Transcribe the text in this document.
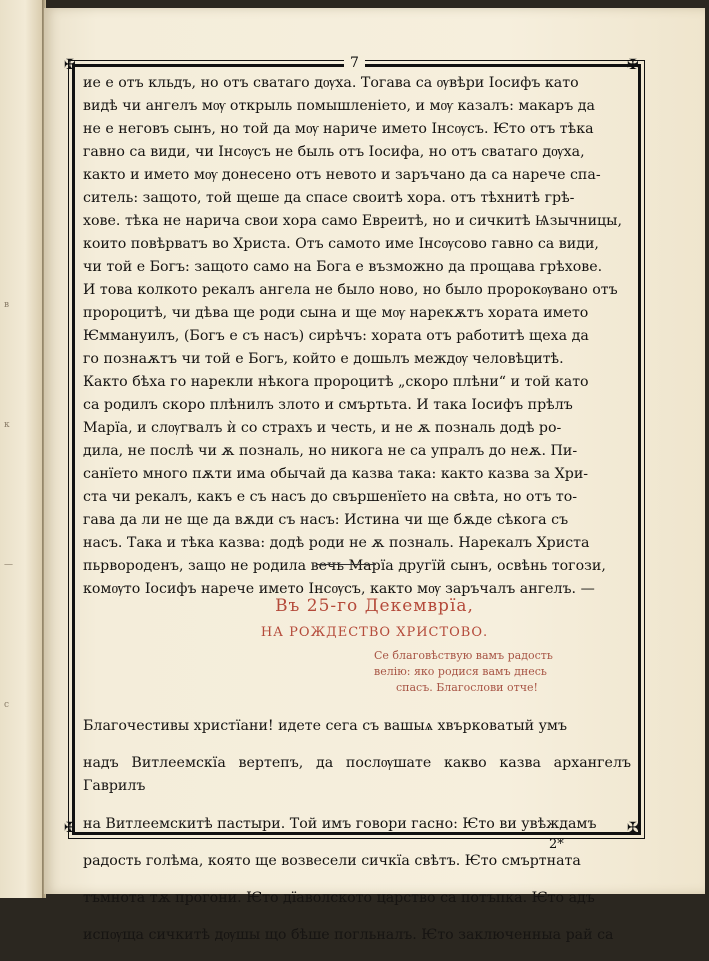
в
к
—
с
✠	✠
✠	✠
7

ие е отъ кльдъ, но отъ сватаго дѹха. Тогава са ѹвѣри Іосифъ като

видѣ чи ангелъ мѹ открыль помышленіето, и мѹ казалъ: макаръ да

не е неговъ сынъ, но той да мѹ нариче името Інсѹсъ. Ѥто отъ тѣка

гавно са види, чи Інсѹсъ не быль отъ Іосифа, но отъ сватаго дѹха,

както и името мѹ донесено отъ невото и заръчано да са нарече спа-

ситель: защото, той щеше да спасе своитѣ хора. отъ тѣхнитѣ грѣ-

хове. тѣка не нарича свои хора само Евреитѣ, но и сичкитѣ Ѩзычницы,

които повѣрватъ во Христа. Отъ самото име Інсѹсово гавно са види,

чи той е Богъ: защото само на Бога е възможно да прощава грѣхове.

И това колкото рекалъ ангела не было ново, но было пророкѹвано отъ

пророцитѣ, чи дѣва ще роди сына и ще мѹ нарекѫтъ хората името

Ѥммануилъ, (Богъ е съ насъ) сирѣчъ: хората отъ работитѣ щеха да

го познаѫтъ чи той е Богъ, който е дошьлъ междѹ человѣцитѣ.

Както бѣха го нарекли нѣкога пророцитѣ „скоро плѣни“ и той като

са родилъ скоро плѣнилъ злото и смъртьта. И така Іосифъ прѣлъ

Марїа, и слѹгвалъ ѝ со страхъ и честь, и не ѫ позналь додѣ ро-

дила, не послѣ чи ѫ позналь, но никога не са упралъ до неѫ. Пи-

санїето много пѫти има обычай да казва така: както казва за Хри-

ста чи рекалъ, какъ е съ насъ до свършенїето на свѣта, но отъ то-

гава да ли не ще да вѫди съ насъ: Истина чи ще бѫде сѣкога съ

насъ. Така и тѣка казва: додѣ роди не ѫ позналь. Нарекалъ Христа

пьрвороденъ, защо не родила вечь Марїа другїй сынъ, освѣнь тогози,

комѹто Іосифъ нарече името Інсѹсъ, както мѹ заръчалъ ангелъ. —

Въ 25-го Декемврїа,
НА РОЖДЕСТВО ХРИСТОВО.
Се благовѣствую вамъ радость
велію: яко родися вамъ днесь
спасъ. Благослови отче!

Благочестивы христїани! идете сега съ вашыѧ хвърковатый умъ

надъ Витлеемскїа вертепъ, да послѹшате какво казва архангелъ Гаврилъ

на Витлеемскитѣ пастыри. Той имъ говори гасно: Ѥто ви увѣждамъ

радость голѣма, която ще возвесели сичкїа свѣтъ. Ѥто смъртната

тъмнота тѫ прогони. Ѥто дїаволското царство са потъпка. Ѥто адъ

испѹща сичкитѣ дѹшы що бѣше погльналъ. Ѥто заключенныа рай са

2*
